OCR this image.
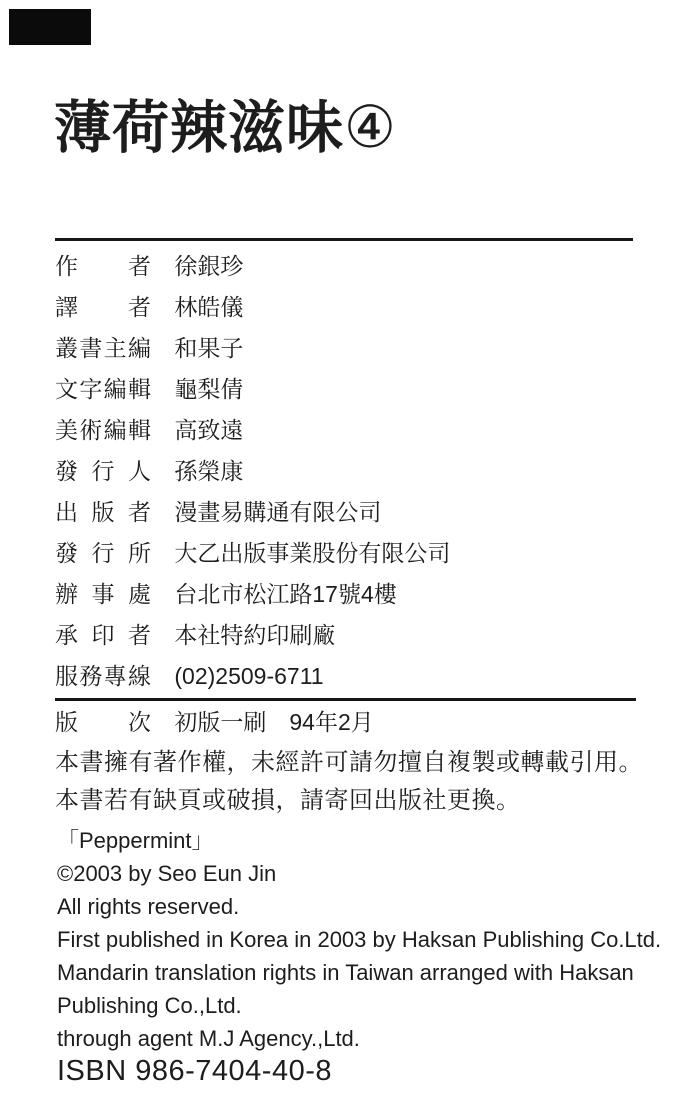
薄荷辣滋味④
作者 徐銀珍
譯者 林皓儀
叢書主編 和果子
文字編輯 龜梨倩
美術編輯 高致遠
發行人 孫榮康
出版者 漫畫易購通有限公司
發行所 大乙出版事業股份有限公司
辦事處 台北市松江路17號4樓
承印者 本社特約印刷廠
服務專線 (02)2509-6711
版次 初版一刷　94年2月
本書擁有著作權，未經許可請勿擅自複製或轉載引用。
本書若有缺頁或破損，請寄回出版社更換。
「Peppermint」
©2003 by Seo Eun Jin
All rights reserved.
First published in Korea in 2003 by Haksan Publishing Co.Ltd.
Mandarin translation rights in Taiwan arranged with Haksan
Publishing Co.,Ltd.
through agent M.J Agency.,Ltd.
ISBN 986-7404-40-8
